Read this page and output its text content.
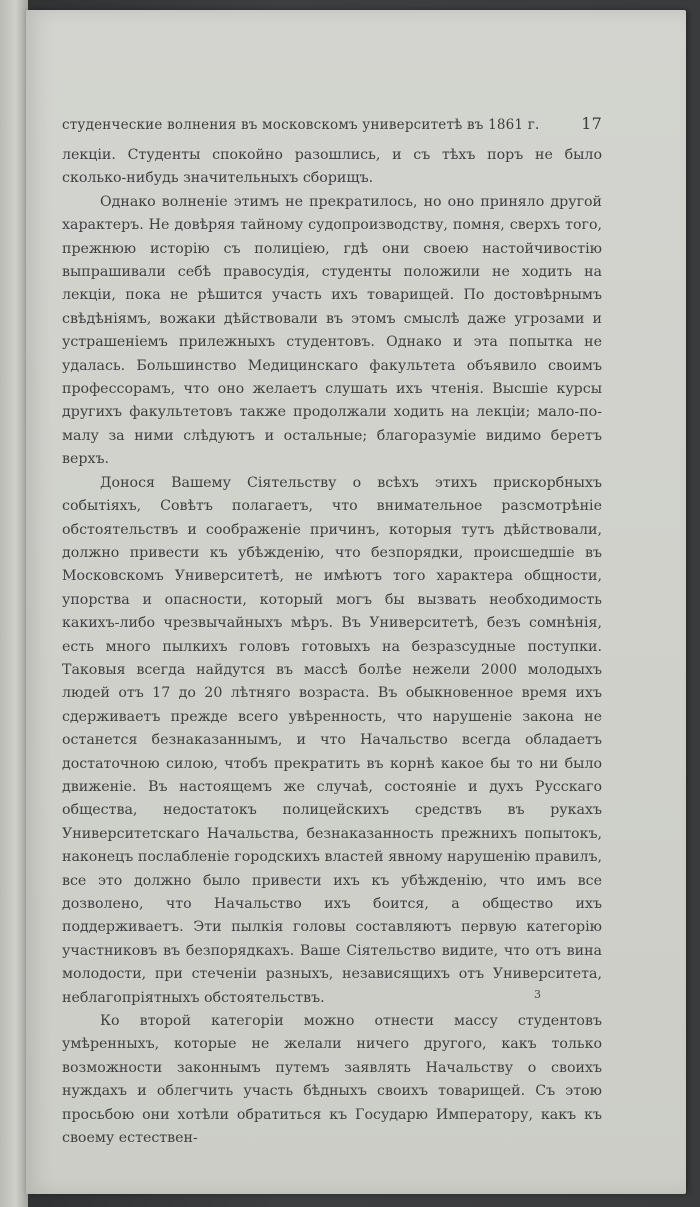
студенческие волнения въ московскомъ университетѣ въ 1861 г.	17

лекціи. Студенты спокойно разошлись, и съ тѣхъ поръ не было сколько-нибудь значительныхъ сборищъ.

Однако волненіе этимъ не прекратилось, но оно приняло другой характеръ. Не довѣряя тайному судопроизводству, помня, сверхъ того, прежнюю исторію съ полиціею, гдѣ они своею настойчивостію выпрашивали себѣ правосудія, студенты положили не ходить на лекціи, пока не рѣшится участь ихъ товарищей. По достовѣрнымъ свѣдѣніямъ, вожаки дѣйствовали въ этомъ смыслѣ даже угрозами и устрашеніемъ прилежныхъ студентовъ. Однако и эта попытка не удалась. Большинство Медицинскаго факультета объявило своимъ профессорамъ, что оно желаетъ слушать ихъ чтенія. Высшіе курсы другихъ факультетовъ также продолжали ходить на лекціи; мало-по-малу за ними слѣдуютъ и остальные; благоразуміе видимо беретъ верхъ.

Донося Вашему Сіятельству о всѣхъ этихъ прискорбныхъ событіяхъ, Совѣтъ полагаетъ, что внимательное разсмотрѣніе обстоятельствъ и соображеніе причинъ, которыя тутъ дѣйствовали, должно привести къ убѣжденію, что безпорядки, происшедшіе въ Московскомъ Университетѣ, не имѣютъ того характера общности, упорства и опасности, который могъ бы вызвать необходимость какихъ-либо чрезвычайныхъ мѣръ. Въ Университетѣ, безъ сомнѣнія, есть много пылкихъ головъ готовыхъ на безразсудные поступки. Таковыя всегда найдутся въ массѣ болѣе нежели 2000 молодыхъ людей отъ 17 до 20 лѣтняго возраста. Въ обыкновенное время ихъ сдерживаетъ прежде всего увѣренность, что нарушеніе закона не останется безнаказаннымъ, и что Начальство всегда обладаетъ достаточною силою, чтобъ прекратить въ корнѣ какое бы то ни было движеніе. Въ настоящемъ же случаѣ, состояніе и духъ Русскаго общества, недостатокъ полицейскихъ средствъ въ рукахъ Университетскаго Начальства, безнаказанность прежнихъ попытокъ, наконецъ послабленіе городскихъ властей явному нарушенію правилъ, все это должно было привести ихъ къ убѣжденію, что имъ все дозволено, что Начальство ихъ боится, а общество ихъ поддерживаетъ. Эти пылкія головы составляютъ первую категорію участниковъ въ безпорядкахъ. Ваше Сіятельство видите, что отъ вина молодости, при стеченіи разныхъ, независящихъ отъ Университета, неблагопріятныхъ обстоятельствъ.

Ко второй категоріи можно отнести массу студентовъ умѣренныхъ, которые не желали ничего другого, какъ только возможности законнымъ путемъ заявлять Начальству о своихъ нуждахъ и облегчить участь бѣдныхъ своихъ товарищей. Съ этою просьбою они хотѣли обратиться къ Государю Императору, какъ къ своему естествен-

3
